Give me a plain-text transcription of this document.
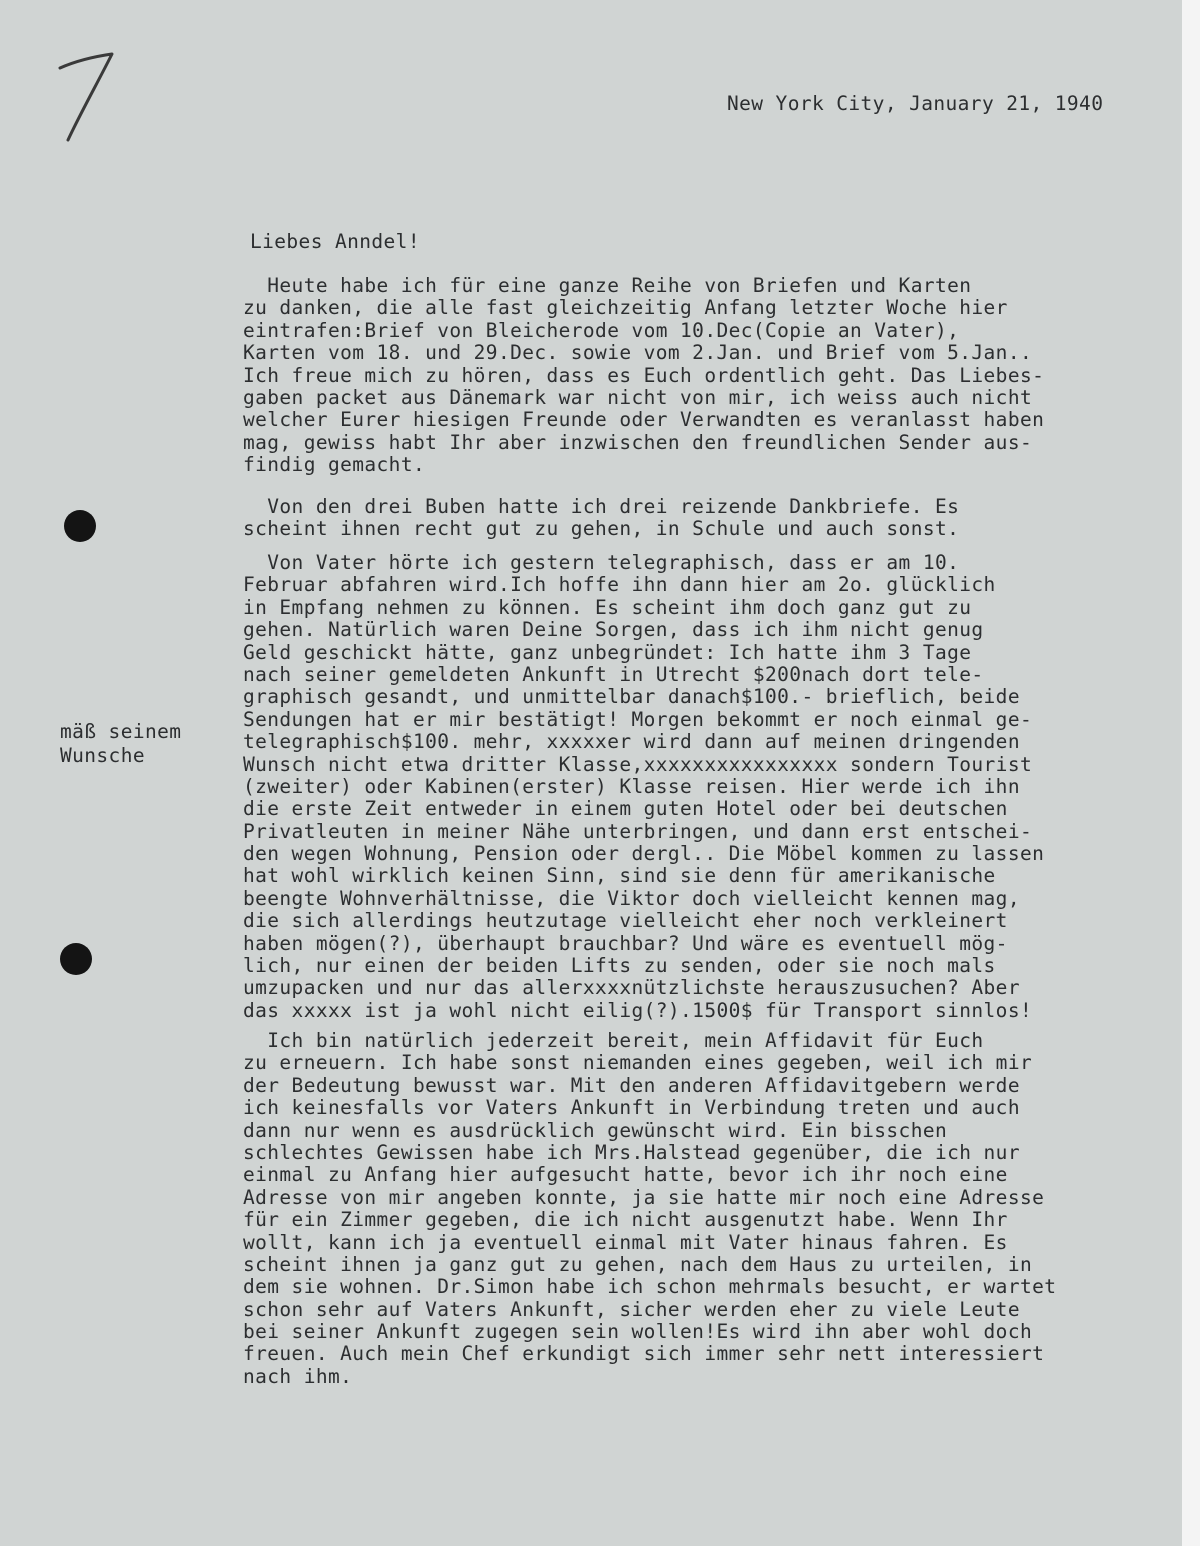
New York City, January 21, 1940
Liebes Anndel!
Heute habe ich für eine ganze Reihe von Briefen und Karten
zu danken, die alle fast gleichzeitig Anfang letzter Woche hier
eintrafen:Brief von Bleicherode vom 10.Dec(Copie an Vater),
Karten vom 18. und 29.Dec. sowie vom 2.Jan. und Brief vom 5.Jan..
Ich freue mich zu hören, dass es Euch ordentlich geht. Das Liebes-
gaben packet aus Dänemark war nicht von mir, ich weiss auch nicht
welcher Eurer hiesigen Freunde oder Verwandten es veranlasst haben
mag, gewiss habt Ihr aber inzwischen den freundlichen Sender aus-
findig gemacht.
Von den drei Buben hatte ich drei reizende Dankbriefe. Es
scheint ihnen recht gut zu gehen, in Schule und auch sonst.
Von Vater hörte ich gestern telegraphisch, dass er am 10.
Februar abfahren wird.Ich hoffe ihn dann hier am 2o. glücklich
in Empfang nehmen zu können. Es scheint ihm doch ganz gut zu
gehen. Natürlich waren Deine Sorgen, dass ich ihm nicht genug
Geld geschickt hätte, ganz unbegründet: Ich hatte ihm 3 Tage
nach seiner gemeldeten Ankunft in Utrecht $200nach dort tele-
graphisch gesandt, und unmittelbar danach$100.- brieflich, beide
Sendungen hat er mir bestätigt! Morgen bekommt er noch einmal ge-
telegraphisch$100. mehr, xxxxxer wird dann auf meinen dringenden
Wunsch nicht etwa dritter Klasse,xxxxxxxxxxxxxxxx sondern Tourist
(zweiter) oder Kabinen(erster) Klasse reisen. Hier werde ich ihn
die erste Zeit entweder in einem guten Hotel oder bei deutschen
Privatleuten in meiner Nähe unterbringen, und dann erst entschei-
den wegen Wohnung, Pension oder dergl.. Die Möbel kommen zu lassen
hat wohl wirklich keinen Sinn, sind sie denn für amerikanische
beengte Wohnverhältnisse, die Viktor doch vielleicht kennen mag,
die sich allerdings heutzutage vielleicht eher noch verkleinert
haben mögen(?), überhaupt brauchbar? Und wäre es eventuell mög-
lich, nur einen der beiden Lifts zu senden, oder sie noch mals
umzupacken und nur das allerxxxxnützlichste herauszusuchen? Aber
das xxxxx ist ja wohl nicht eilig(?).1500$ für Transport sinnlos!
Ich bin natürlich jederzeit bereit, mein Affidavit für Euch
zu erneuern. Ich habe sonst niemanden eines gegeben, weil ich mir
der Bedeutung bewusst war. Mit den anderen Affidavitgebern werde
ich keinesfalls vor Vaters Ankunft in Verbindung treten und auch
dann nur wenn es ausdrücklich gewünscht wird. Ein bisschen
schlechtes Gewissen habe ich Mrs.Halstead gegenüber, die ich nur
einmal zu Anfang hier aufgesucht hatte, bevor ich ihr noch eine
Adresse von mir angeben konnte, ja sie hatte mir noch eine Adresse
für ein Zimmer gegeben, die ich nicht ausgenutzt habe. Wenn Ihr
wollt, kann ich ja eventuell einmal mit Vater hinaus fahren. Es
scheint ihnen ja ganz gut zu gehen, nach dem Haus zu urteilen, in
dem sie wohnen. Dr.Simon habe ich schon mehrmals besucht, er wartet
schon sehr auf Vaters Ankunft, sicher werden eher zu viele Leute
bei seiner Ankunft zugegen sein wollen!Es wird ihn aber wohl doch
freuen. Auch mein Chef erkundigt sich immer sehr nett interessiert
nach ihm.
mäß seinem
Wunsche
